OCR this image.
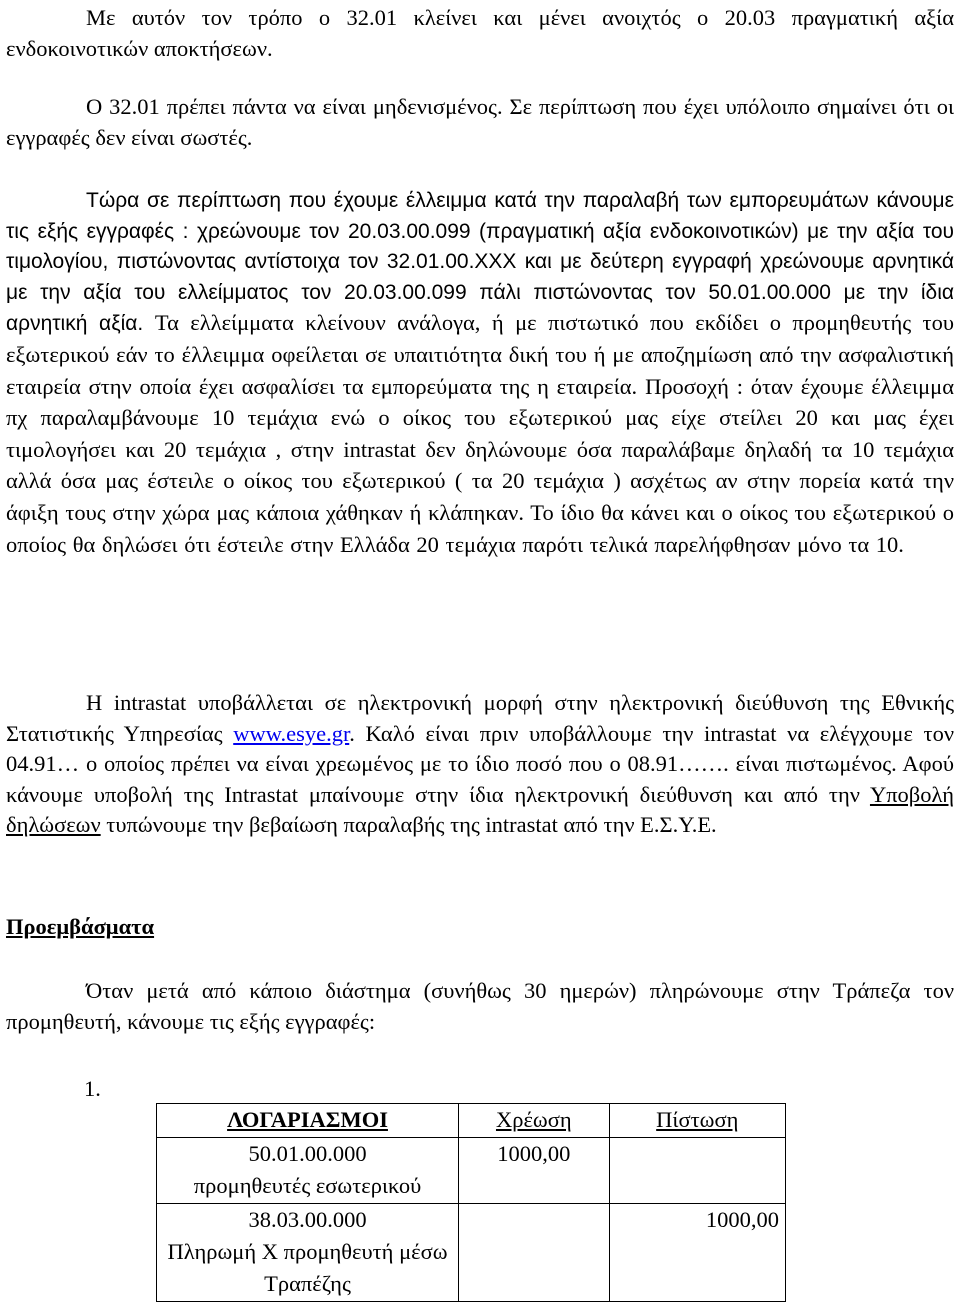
Με αυτόν τον τρόπο ο 32.01 κλείνει και μένει ανοιχτός ο 20.03 πραγματική αξία ενδοκοινοτικών αποκτήσεων.

Ο 32.01 πρέπει πάντα να είναι μηδενισμένος. Σε περίπτωση που έχει υπόλοιπο σημαίνει ότι οι εγγραφές δεν είναι σωστές.

Τώρα σε περίπτωση που έχουμε έλλειμμα κατά την παραλαβή των εμπορευμάτων κάνουμε τις εξής εγγραφές : χρεώνουμε τον 20.03.00.099 (πραγματική αξία ενδοκοινοτικών) με την αξία του τιμολογίου, πιστώνοντας αντίστοιχα τον 32.01.00.ΧΧΧ και με δεύτερη εγγραφή χρεώνουμε αρνητικά με την αξία του ελλείμματος τον 20.03.00.099 πάλι πιστώνοντας τον 50.01.00.000 με την ίδια αρνητική αξία. Τα ελλείμματα κλείνουν ανάλογα, ή με πιστωτικό που εκδίδει ο προμηθευτής του εξωτερικού εάν το έλλειμμα οφείλεται σε υπαιτιότητα δική του ή με αποζημίωση από την ασφαλιστική εταιρεία στην οποία έχει ασφαλίσει τα εμπορεύματα της η εταιρεία. Προσοχή : όταν έχουμε έλλειμμα πχ παραλαμβάνουμε 10 τεμάχια ενώ ο οίκος του εξωτερικού μας είχε στείλει 20 και μας έχει τιμολογήσει και 20 τεμάχια , στην intrastat δεν δηλώνουμε όσα παραλάβαμε δηλαδή τα 10 τεμάχια αλλά όσα μας έστειλε ο οίκος του εξωτερικού ( τα 20 τεμάχια ) ασχέτως αν στην πορεία κατά την άφιξη τους στην χώρα μας κάποια χάθηκαν ή κλάπηκαν. Το ίδιο θα κάνει και ο οίκος του εξωτερικού ο οποίος θα δηλώσει ότι έστειλε στην Ελλάδα 20 τεμάχια παρότι τελικά παρελήφθησαν μόνο τα 10.

Η intrastat υποβάλλεται σε ηλεκτρονική μορφή στην ηλεκτρονική διεύθυνση της Εθνικής Στατιστικής Υπηρεσίας www.esye.gr. Καλό είναι πριν υποβάλλουμε την intrastat να ελέγχουμε τον 04.91… ο οποίος πρέπει να είναι χρεωμένος με το ίδιο ποσό που ο 08.91……. είναι πιστωμένος. Αφού κάνουμε υποβολή της Intrastat μπαίνουμε στην ίδια ηλεκτρονική διεύθυνση και από την Υποβολή δηλώσεων τυπώνουμε την βεβαίωση παραλαβής της intrastat από την Ε.Σ.Υ.Ε.

Προεμβάσματα

Όταν μετά από κάποιο διάστημα (συνήθως 30 ημερών) πληρώνουμε στην Τράπεζα τον προμηθευτή, κάνουμε τις εξής εγγραφές:

1.

ΛΟΓΑΡΙΑΣΜΟΙ	Χρέωση	Πίστωση
50.01.00.000
προμηθευτές εσωτερικού	1000,00	
38.03.00.000
Πληρωμή Χ προμηθευτή μέσω Τραπέζης		1000,00
